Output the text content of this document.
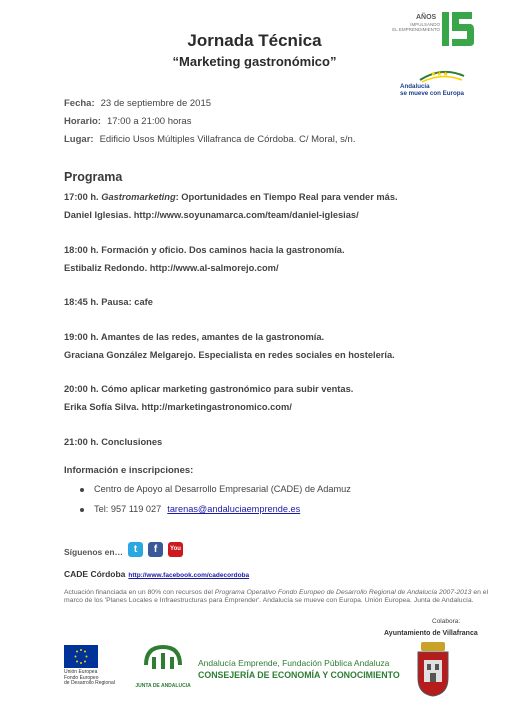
AÑOS
IMPULSANDO
EL EMPRENDIMIENTO
★★★
Andalucía
se mueve con Europa
Jornada Técnica
“Marketing gastronómico”
Fecha: 23 de septiembre de 2015
Horario: 17:00 a 21:00 horas
Lugar: Edificio Usos Múltiples Villafranca de Córdoba. C/ Moral, s/n.
Programa
17:00 h. Gastromarketing: Oportunidades en Tiempo Real para vender más.
Daniel Iglesias. http://www.soyunamarca.com/team/daniel-iglesias/
18:00 h. Formación y oficio. Dos caminos hacia la gastronomía.
Estibaliz Redondo. http://www.al-salmorejo.com/
18:45 h. Pausa: cafe
19:00 h. Amantes de las redes, amantes de la gastronomía.
Graciana González Melgarejo. Especialista en redes sociales en hostelería.
20:00 h. Cómo aplicar marketing gastronómico para subir ventas.
Erika Sofía Silva. http://marketingastronomico.com/
21:00 h. Conclusiones
Información e inscripciones:
Centro de Apoyo al Desarrollo Empresarial (CADE) de Adamuz
Tel: 957 119 027 tarenas@andaluciaemprende.es
Síguenos en…	t	f	You
CADE Córdoba http://www.facebook.com/cadecordoba
Actuación financiada en un 80% con recursos del Programa Operativo Fondo Europeo de Desarrollo Regional de Andalucía 2007-2013 en el marco de los 'Planes Locales e Infraestructuras para Emprender'. Andalucía se mueve con Europa. Unión Europea. Junta de Andalucía.
Colabora:
Ayuntamiento de Villafranca
Unión Europea
Fondo Europeo
de Desarrollo Regional	JUNTA DE ANDALUCIA
Andalucía Emprende, Fundación Pública Andaluza
CONSEJERÍA DE ECONOMÍA Y CONOCIMIENTO
